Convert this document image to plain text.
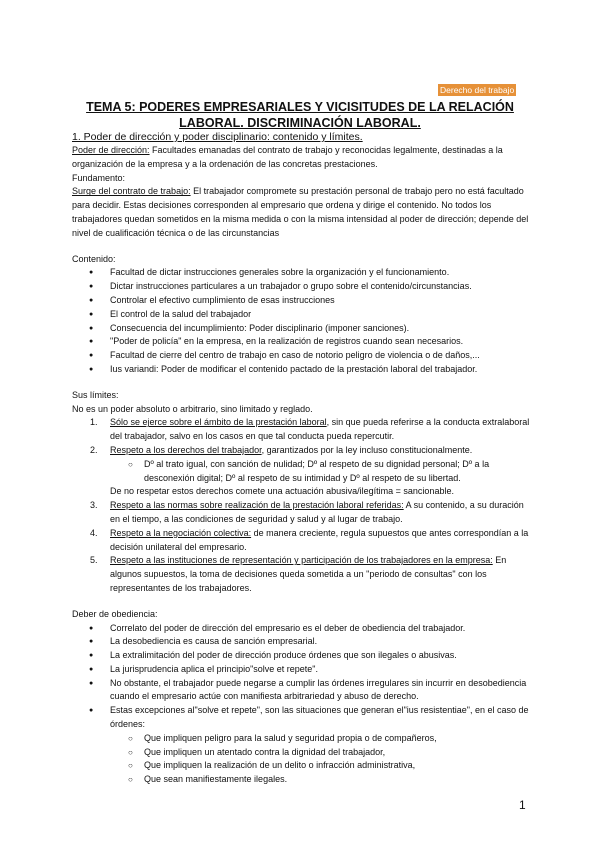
Derecho del trabajo
TEMA 5: PODERES EMPRESARIALES Y VICISITUDES DE LA RELACIÓN LABORAL. DISCRIMINACIÓN LABORAL.

1. Poder de dirección y poder disciplinario: contenido y límites.

Poder de dirección: Facultades emanadas del contrato de trabajo y reconocidas legalmente, destinadas a la organización de la empresa y a la ordenación de las concretas prestaciones.

Fundamento:

Surge del contrato de trabajo: El trabajador compromete su prestación personal de trabajo pero no está facultado para decidir. Estas decisiones corresponden al empresario que ordena y dirige el contenido. No todos los trabajadores quedan sometidos en la misma medida o con la misma intensidad al poder de dirección; depende del nivel de cualificación técnica o de las circunstancias

Contenido:

● Facultad de dictar instrucciones generales sobre la organización y el funcionamiento.
● Dictar instrucciones particulares a un trabajador o grupo sobre el contenido/circunstancias.
● Controlar el efectivo cumplimiento de esas instrucciones
● El control de la salud del trabajador
● Consecuencia del incumplimiento: Poder disciplinario (imponer sanciones).
● "Poder de policía" en la empresa, en la realización de registros cuando sean necesarios.
● Facultad de cierre del centro de trabajo en caso de notorio peligro de violencia o de daños,...
● Ius variandi: Poder de modificar el contenido pactado de la prestación laboral del trabajador.

Sus límites:

No es un poder absoluto o arbitrario, sino limitado y reglado.

1. Sólo se ejerce sobre el ámbito de la prestación laboral, sin que pueda referirse a la conducta extralaboral del trabajador, salvo en los casos en que tal conducta pueda repercutir.
2. Respeto a los derechos del trabajador, garantizados por la ley incluso constitucionalmente.
○ Dº al trato igual, con sanción de nulidad; Dº al respeto de su dignidad personal; Dº a la desconexión digital; Dº al respeto de su intimidad y Dº al respeto de su libertad.

De no respetar estos derechos comete una actuación abusiva/ilegítima = sancionable.

3. Respeto a las normas sobre realización de la prestación laboral referidas: A su contenido, a su duración en el tiempo, a las condiciones de seguridad y salud y al lugar de trabajo.
4. Respeto a la negociación colectiva: de manera creciente, regula supuestos que antes correspondían a la decisión unilateral del empresario.
5. Respeto a las instituciones de representación y participación de los trabajadores en la empresa: En algunos supuestos, la toma de decisiones queda sometida a un "periodo de consultas" con los representantes de los trabajadores.

Deber de obediencia:

● Correlato del poder de dirección del empresario es el deber de obediencia del trabajador.
● La desobediencia es causa de sanción empresarial.
● La extralimitación del poder de dirección produce órdenes que son ilegales o abusivas.
● La jurisprudencia aplica el principio"solve et repete".
● No obstante, el trabajador puede negarse a cumplir las órdenes irregulares sin incurrir en desobediencia cuando el empresario actúe con manifiesta arbitrariedad y abuso de derecho.
● Estas excepciones al"solve et repete", son las situaciones que generan el"ius resistentiae", en el caso de órdenes:
○ Que impliquen peligro para la salud y seguridad propia o de compañeros,
○ Que impliquen un atentado contra la dignidad del trabajador,
○ Que impliquen la realización de un delito o infracción administrativa,
○ Que sean manifiestamente ilegales.
1
